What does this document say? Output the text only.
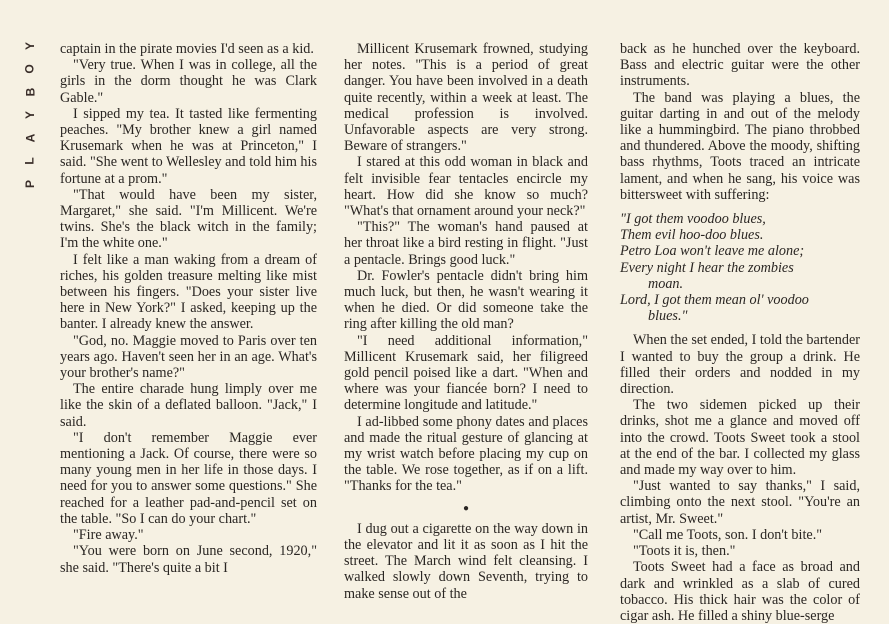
Y
O
B
Y
A
L
P

captain in the pirate movies I'd seen as a kid.

"Very true. When I was in college, all the girls in the dorm thought he was Clark Gable."

I sipped my tea. It tasted like fermenting peaches. "My brother knew a girl named Krusemark when he was at Princeton," I said. "She went to Wellesley and told him his fortune at a prom."

"That would have been my sister, Margaret," she said. "I'm Millicent. We're twins. She's the black witch in the family; I'm the white one."

I felt like a man waking from a dream of riches, his golden treasure melting like mist between his fingers. "Does your sister live here in New York?" I asked, keeping up the banter. I already knew the answer.

"God, no. Maggie moved to Paris over ten years ago. Haven't seen her in an age. What's your brother's name?"

The entire charade hung limply over me like the skin of a deflated balloon. "Jack," I said.

"I don't remember Maggie ever mentioning a Jack. Of course, there were so many young men in her life in those days. I need for you to answer some questions." She reached for a leather pad-and-pencil set on the table. "So I can do your chart."

"Fire away."

"You were born on June second, 1920," she said. "There's quite a bit I

Millicent Krusemark frowned, studying her notes. "This is a period of great danger. You have been involved in a death quite recently, within a week at least. The medical profession is involved. Unfavorable aspects are very strong. Beware of strangers."

I stared at this odd woman in black and felt invisible fear tentacles encircle my heart. How did she know so much? "What's that ornament around your neck?"

"This?" The woman's hand paused at her throat like a bird resting in flight. "Just a pentacle. Brings good luck."

Dr. Fowler's pentacle didn't bring him much luck, but then, he wasn't wearing it when he died. Or did someone take the ring after killing the old man?

"I need additional information," Millicent Krusemark said, her filigreed gold pencil poised like a dart. "When and where was your fiancée born? I need to determine longitude and latitude."

I ad-libbed some phony dates and places and made the ritual gesture of glancing at my wrist watch before placing my cup on the table. We rose together, as if on a lift. "Thanks for the tea."

●

I dug out a cigarette on the way down in the elevator and lit it as soon as I hit the street. The March wind felt cleansing. I walked slowly down Seventh, trying to make sense out of the

back as he hunched over the keyboard. Bass and electric guitar were the other instruments.

The band was playing a blues, the guitar darting in and out of the melody like a hummingbird. The piano throbbed and thundered. Above the moody, shifting bass rhythms, Toots traced an intricate lament, and when he sang, his voice was bittersweet with suffering:

"I got them voodoo blues,

Them evil hoo-doo blues.

Petro Loa won't leave me alone;

Every night I hear the zombies

moan.

Lord, I got them mean ol' voodoo

blues."

When the set ended, I told the bartender I wanted to buy the group a drink. He filled their orders and nodded in my direction.

The two sidemen picked up their drinks, shot me a glance and moved off into the crowd. Toots Sweet took a stool at the end of the bar. I collected my glass and made my way over to him.

"Just wanted to say thanks," I said, climbing onto the next stool. "You're an artist, Mr. Sweet."

"Call me Toots, son. I don't bite."

"Toots it is, then."

Toots Sweet had a face as broad and dark and wrinkled as a slab of cured tobacco. His thick hair was the color of cigar ash. He filled a shiny blue-serge
